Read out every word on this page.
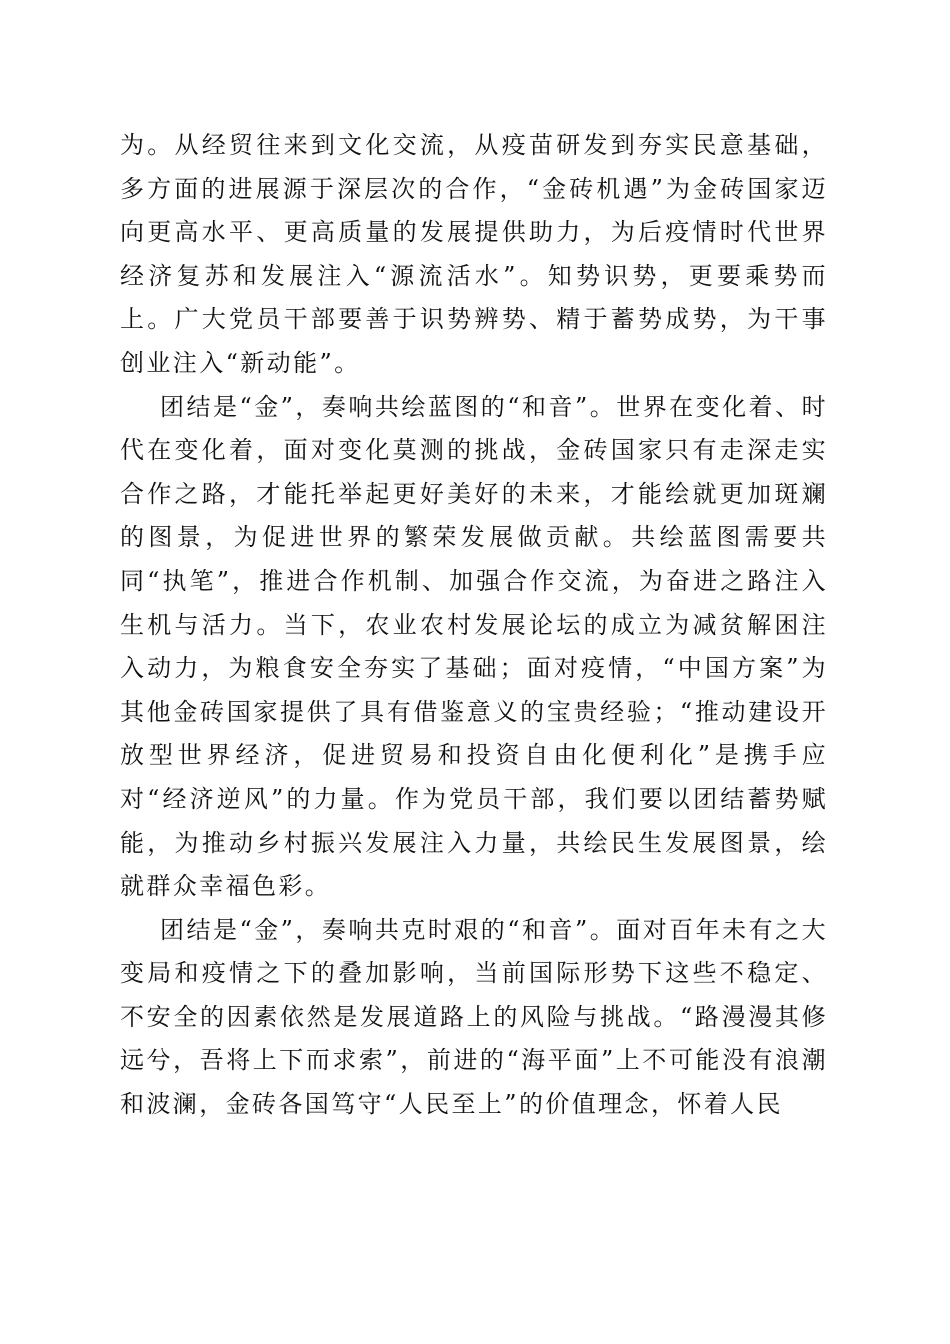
为。从经贸往来到文化交流，从疫苗研发到夯实民意基础，多方面的进展源于深层次的合作，“金砖机遇”为金砖国家迈向更高水平、更高质量的发展提供助力，为后疫情时代世界经济复苏和发展注入“源流活水”。知势识势，更要乘势而上。广大党员干部要善于识势辨势、精于蓄势成势，为干事创业注入“新动能”。

团结是“金”，奏响共绘蓝图的“和音”。世界在变化着、时代在变化着，面对变化莫测的挑战，金砖国家只有走深走实合作之路，才能托举起更好美好的未来，才能绘就更加斑斓的图景，为促进世界的繁荣发展做贡献。共绘蓝图需要共同“执笔”，推进合作机制、加强合作交流，为奋进之路注入生机与活力。当下，农业农村发展论坛的成立为减贫解困注入动力，为粮食安全夯实了基础；面对疫情，“中国方案”为其他金砖国家提供了具有借鉴意义的宝贵经验；“推动建设开放型世界经济，促进贸易和投资自由化便利化”是携手应对“经济逆风”的力量。作为党员干部，我们要以团结蓄势赋能，为推动乡村振兴发展注入力量，共绘民生发展图景，绘就群众幸福色彩。

团结是“金”，奏响共克时艰的“和音”。面对百年未有之大变局和疫情之下的叠加影响，当前国际形势下这些不稳定、不安全的因素依然是发展道路上的风险与挑战。“路漫漫其修远兮，吾将上下而求索”，前进的“海平面”上不可能没有浪潮和波澜，金砖各国笃守“人民至上”的价值理念，怀着人民
